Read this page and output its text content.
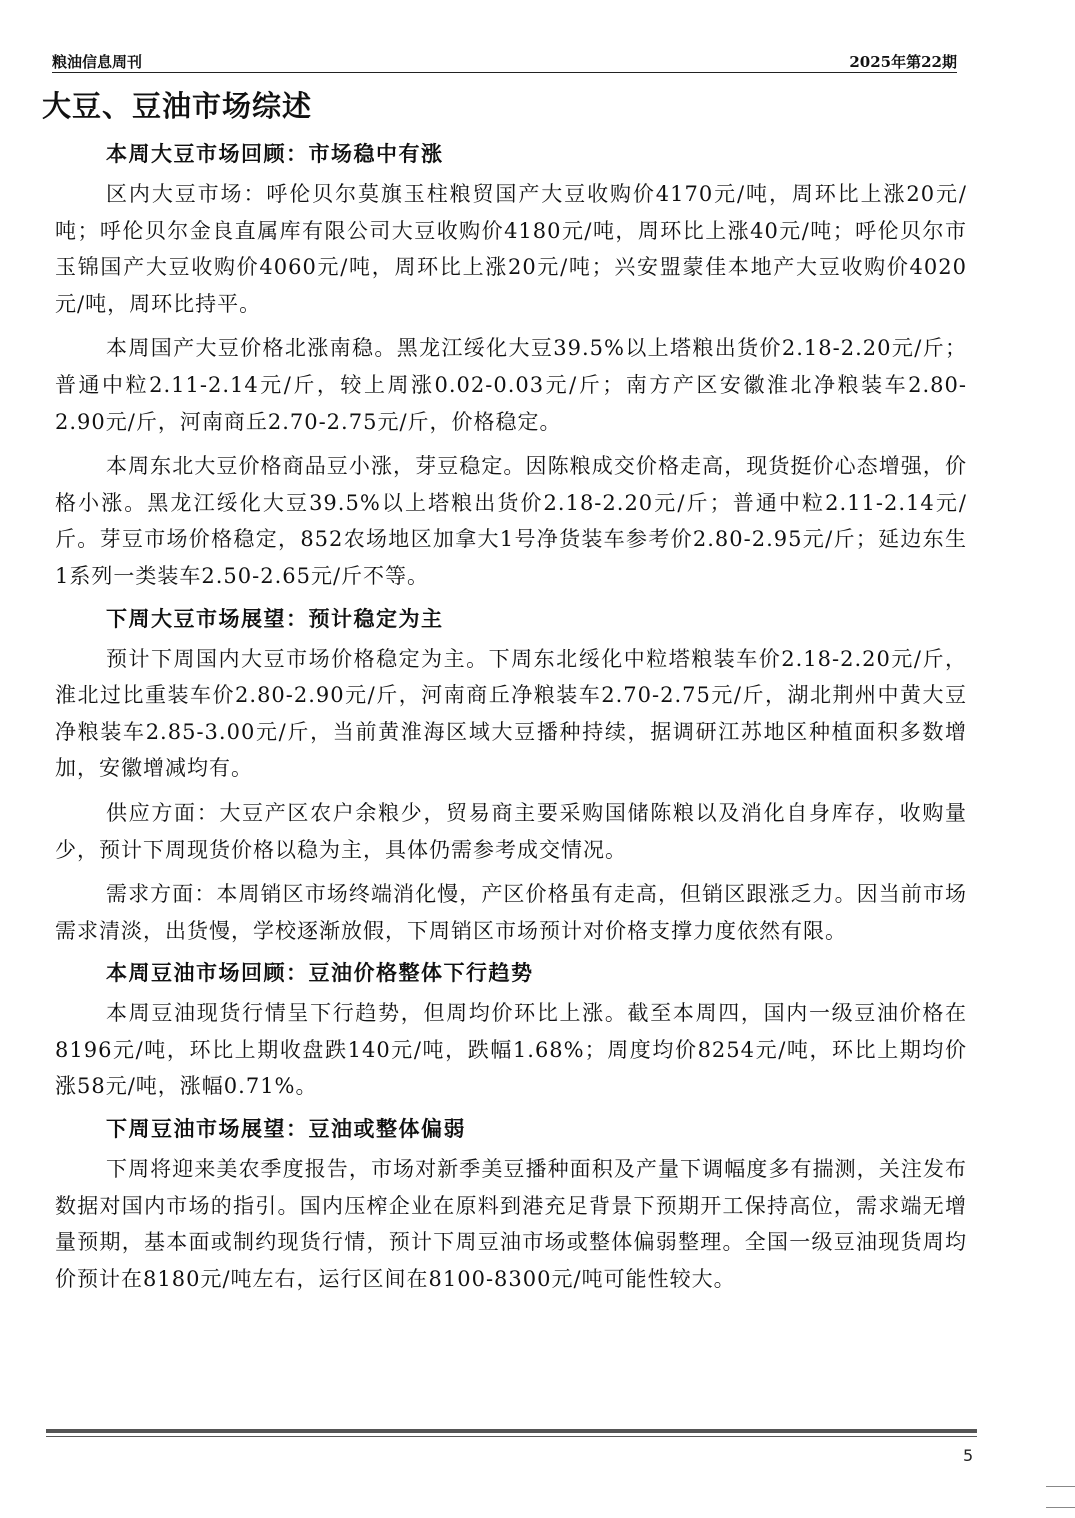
粮油信息周刊	2025年第22期
大豆、豆油市场综述
本周大豆市场回顾：市场稳中有涨

区内大豆市场：呼伦贝尔莫旗玉柱粮贸国产大豆收购价4170元/吨，周环比上涨20元/吨；呼伦贝尔金良直属库有限公司大豆收购价4180元/吨，周环比上涨40元/吨；呼伦贝尔市玉锦国产大豆收购价4060元/吨，周环比上涨20元/吨；兴安盟蒙佳本地产大豆收购价4020元/吨，周环比持平。

本周国产大豆价格北涨南稳。黑龙江绥化大豆39.5%以上塔粮出货价2.18-2.20元/斤；普通中粒2.11-2.14元/斤，较上周涨0.02-0.03元/斤；南方产区安徽淮北净粮装车2.80-2.90元/斤，河南商丘2.70-2.75元/斤，价格稳定。

本周东北大豆价格商品豆小涨，芽豆稳定。因陈粮成交价格走高，现货挺价心态增强，价格小涨。黑龙江绥化大豆39.5%以上塔粮出货价2.18-2.20元/斤；普通中粒2.11-2.14元/斤。芽豆市场价格稳定，852农场地区加拿大1号净货装车参考价2.80-2.95元/斤；延边东生1系列一类装车2.50-2.65元/斤不等。

下周大豆市场展望：预计稳定为主

预计下周国内大豆市场价格稳定为主。下周东北绥化中粒塔粮装车价2.18-2.20元/斤，淮北过比重装车价2.80-2.90元/斤，河南商丘净粮装车2.70-2.75元/斤，湖北荆州中黄大豆净粮装车2.85-3.00元/斤，当前黄淮海区域大豆播种持续，据调研江苏地区种植面积多数增加，安徽增减均有。

供应方面：大豆产区农户余粮少，贸易商主要采购国储陈粮以及消化自身库存，收购量少，预计下周现货价格以稳为主，具体仍需参考成交情况。

需求方面：本周销区市场终端消化慢，产区价格虽有走高，但销区跟涨乏力。因当前市场需求清淡，出货慢，学校逐渐放假，下周销区市场预计对价格支撑力度依然有限。

本周豆油市场回顾：豆油价格整体下行趋势

本周豆油现货行情呈下行趋势，但周均价环比上涨。截至本周四，国内一级豆油价格在8196元/吨，环比上期收盘跌140元/吨，跌幅1.68%；周度均价8254元/吨，环比上期均价涨58元/吨，涨幅0.71%。

下周豆油市场展望：豆油或整体偏弱

下周将迎来美农季度报告，市场对新季美豆播种面积及产量下调幅度多有揣测，关注发布数据对国内市场的指引。国内压榨企业在原料到港充足背景下预期开工保持高位，需求端无增量预期，基本面或制约现货行情，预计下周豆油市场或整体偏弱整理。全国一级豆油现货周均价预计在8180元/吨左右，运行区间在8100-8300元/吨可能性较大。

5
